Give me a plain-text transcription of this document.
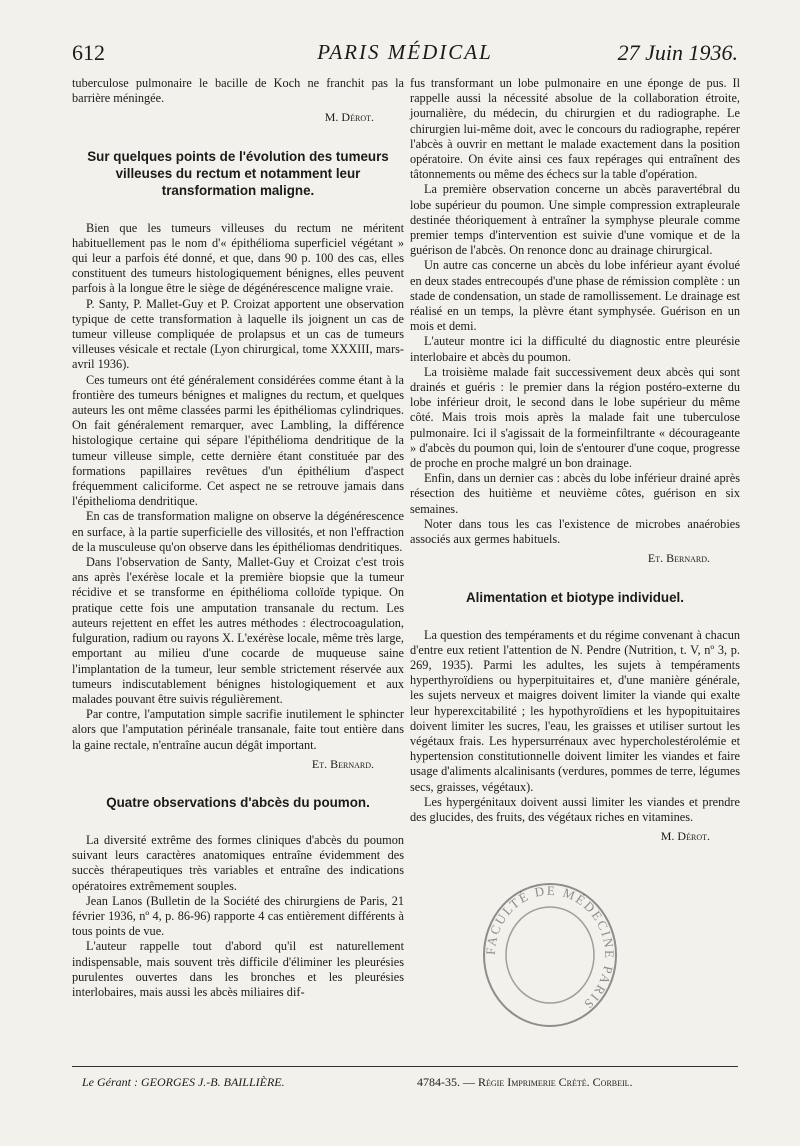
612	PARIS MÉDICAL	27 Juin 1936.

tuberculose pulmonaire le bacille de Koch ne franchit pas la barrière méningée.

M. Dérot.
Sur quelques points de l'évolution des tumeurs villeuses du rectum et notamment leur transformation maligne.

Bien que les tumeurs villeuses du rectum ne méritent habituellement pas le nom d'« épithélioma superficiel végétant » qui leur a parfois été donné, et que, dans 90 p. 100 des cas, elles constituent des tumeurs histologiquement bénignes, elles peuvent parfois à la longue être le siège de dégénérescence maligne vraie.

P. Santy, P. Mallet-Guy et P. Croizat apportent une observation typique de cette transformation à laquelle ils joignent un cas de tumeur villeuse compliquée de prolapsus et un cas de tumeurs villeuses vésicale et rectale (Lyon chirurgical, tome XXXIII, mars-avril 1936).

Ces tumeurs ont été généralement considérées comme étant à la frontière des tumeurs bénignes et malignes du rectum, et quelques auteurs les ont même classées parmi les épithéliomas cylindriques. On fait généralement remarquer, avec Lambling, la différence histologique certaine qui sépare l'épithélioma dendritique de la tumeur villeuse simple, cette dernière étant constituée par des formations papillaires revêtues d'un épithélium d'aspect fréquemment caliciforme. Cet aspect ne se retrouve jamais dans l'épithelioma dendritique.

En cas de transformation maligne on observe la dégénérescence en surface, à la partie superficielle des villosités, et non l'effraction de la musculeuse qu'on observe dans les épithéliomas dendritiques.

Dans l'observation de Santy, Mallet-Guy et Croizat c'est trois ans après l'exérèse locale et la première biopsie que la tumeur récidive et se transforme en épithélioma colloïde typique. On pratique cette fois une amputation transanale du rectum. Les auteurs rejettent en effet les autres méthodes : électrocoagulation, fulguration, radium ou rayons X. L'exérèse locale, même très large, emportant au milieu d'une cocarde de muqueuse saine l'implantation de la tumeur, leur semble strictement réservée aux tumeurs indiscutablement bénignes histologiquement et aux malades pouvant être suivis régulièrement.

Par contre, l'amputation simple sacrifie inutilement le sphincter alors que l'amputation périnéale transanale, faite tout entière dans la gaine rectale, n'entraîne aucun dégât important.

Et. Bernard.
Quatre observations d'abcès du poumon.

La diversité extrême des formes cliniques d'abcès du poumon suivant leurs caractères anatomiques entraîne évidemment des succès thérapeutiques très variables et entraîne des indications opératoires extrêmement souples.

Jean Lanos (Bulletin de la Société des chirurgiens de Paris, 21 février 1936, nº 4, p. 86-96) rapporte 4 cas entièrement différents à tous points de vue.

L'auteur rappelle tout d'abord qu'il est naturellement indispensable, mais souvent très difficile d'éliminer les pleurésies purulentes ouvertes dans les bronches et les pleurésies interlobaires, mais aussi les abcès miliaires dif-

fus transformant un lobe pulmonaire en une éponge de pus. Il rappelle aussi la nécessité absolue de la collaboration étroite, journalière, du médecin, du chirurgien et du radiographe. Le chirurgien lui-même doit, avec le concours du radiographe, repérer l'abcès à ouvrir en mettant le malade exactement dans la position opératoire. On évite ainsi ces faux repérages qui entraînent des tâtonnements ou même des échecs sur la table d'opération.

La première observation concerne un abcès paravertébral du lobe supérieur du poumon. Une simple compression extrapleurale destinée théoriquement à entraîner la symphyse pleurale comme premier temps d'intervention est suivie d'une vomique et de la guérison de l'abcès. On renonce donc au drainage chirurgical.

Un autre cas concerne un abcès du lobe inférieur ayant évolué en deux stades entrecoupés d'une phase de rémission complète : un stade de condensation, un stade de ramollissement. Le drainage est réalisé en un temps, la plèvre étant symphysée. Guérison en un mois et demi.

L'auteur montre ici la difficulté du diagnostic entre pleurésie interlobaire et abcès du poumon.

La troisième malade fait successivement deux abcès qui sont drainés et guéris : le premier dans la région postéro-externe du lobe inférieur droit, le second dans le lobe supérieur du même côté. Mais trois mois après la malade fait une tuberculose pulmonaire. Ici il s'agissait de la formeinfiltrante « décourageante » d'abcès du poumon qui, loin de s'entourer d'une coque, progresse de proche en proche malgré un bon drainage.

Enfin, dans un dernier cas : abcès du lobe inférieur drainé après résection des huitième et neuvième côtes, guérison en six semaines.

Noter dans tous les cas l'existence de microbes anaérobies associés aux germes habituels.

Et. Bernard.
Alimentation et biotype individuel.

La question des tempéraments et du régime convenant à chacun d'entre eux retient l'attention de N. Pendre (Nutrition, t. V, nº 3, p. 269, 1935). Parmi les adultes, les sujets à tempéraments hyperthyroïdiens ou hyperpituitaires et, d'une manière générale, les sujets nerveux et maigres doivent limiter la viande qui exalte leur hyperexcitabilité ; les hypothyroïdiens et les hypopituitaires doivent limiter les sucres, l'eau, les graisses et utiliser surtout les végétaux frais. Les hypersurrénaux avec hypercholestérolémie et hypertension constitutionnelle doivent limiter les viandes et faire usage d'aliments alcalinisants (verdures, pommes de terre, légumes secs, graisses, végétaux).

Les hypergénitaux doivent aussi limiter les viandes et prendre des glucides, des fruits, des végétaux riches en vitamines.

M. Dérot.
FACULTÉ DE MÉDECINE PARIS
Le Gérant : GEORGES J.-B. BAILLIÈRE.	4784-35. — Régie Imprimerie Crété. Corbeil.
